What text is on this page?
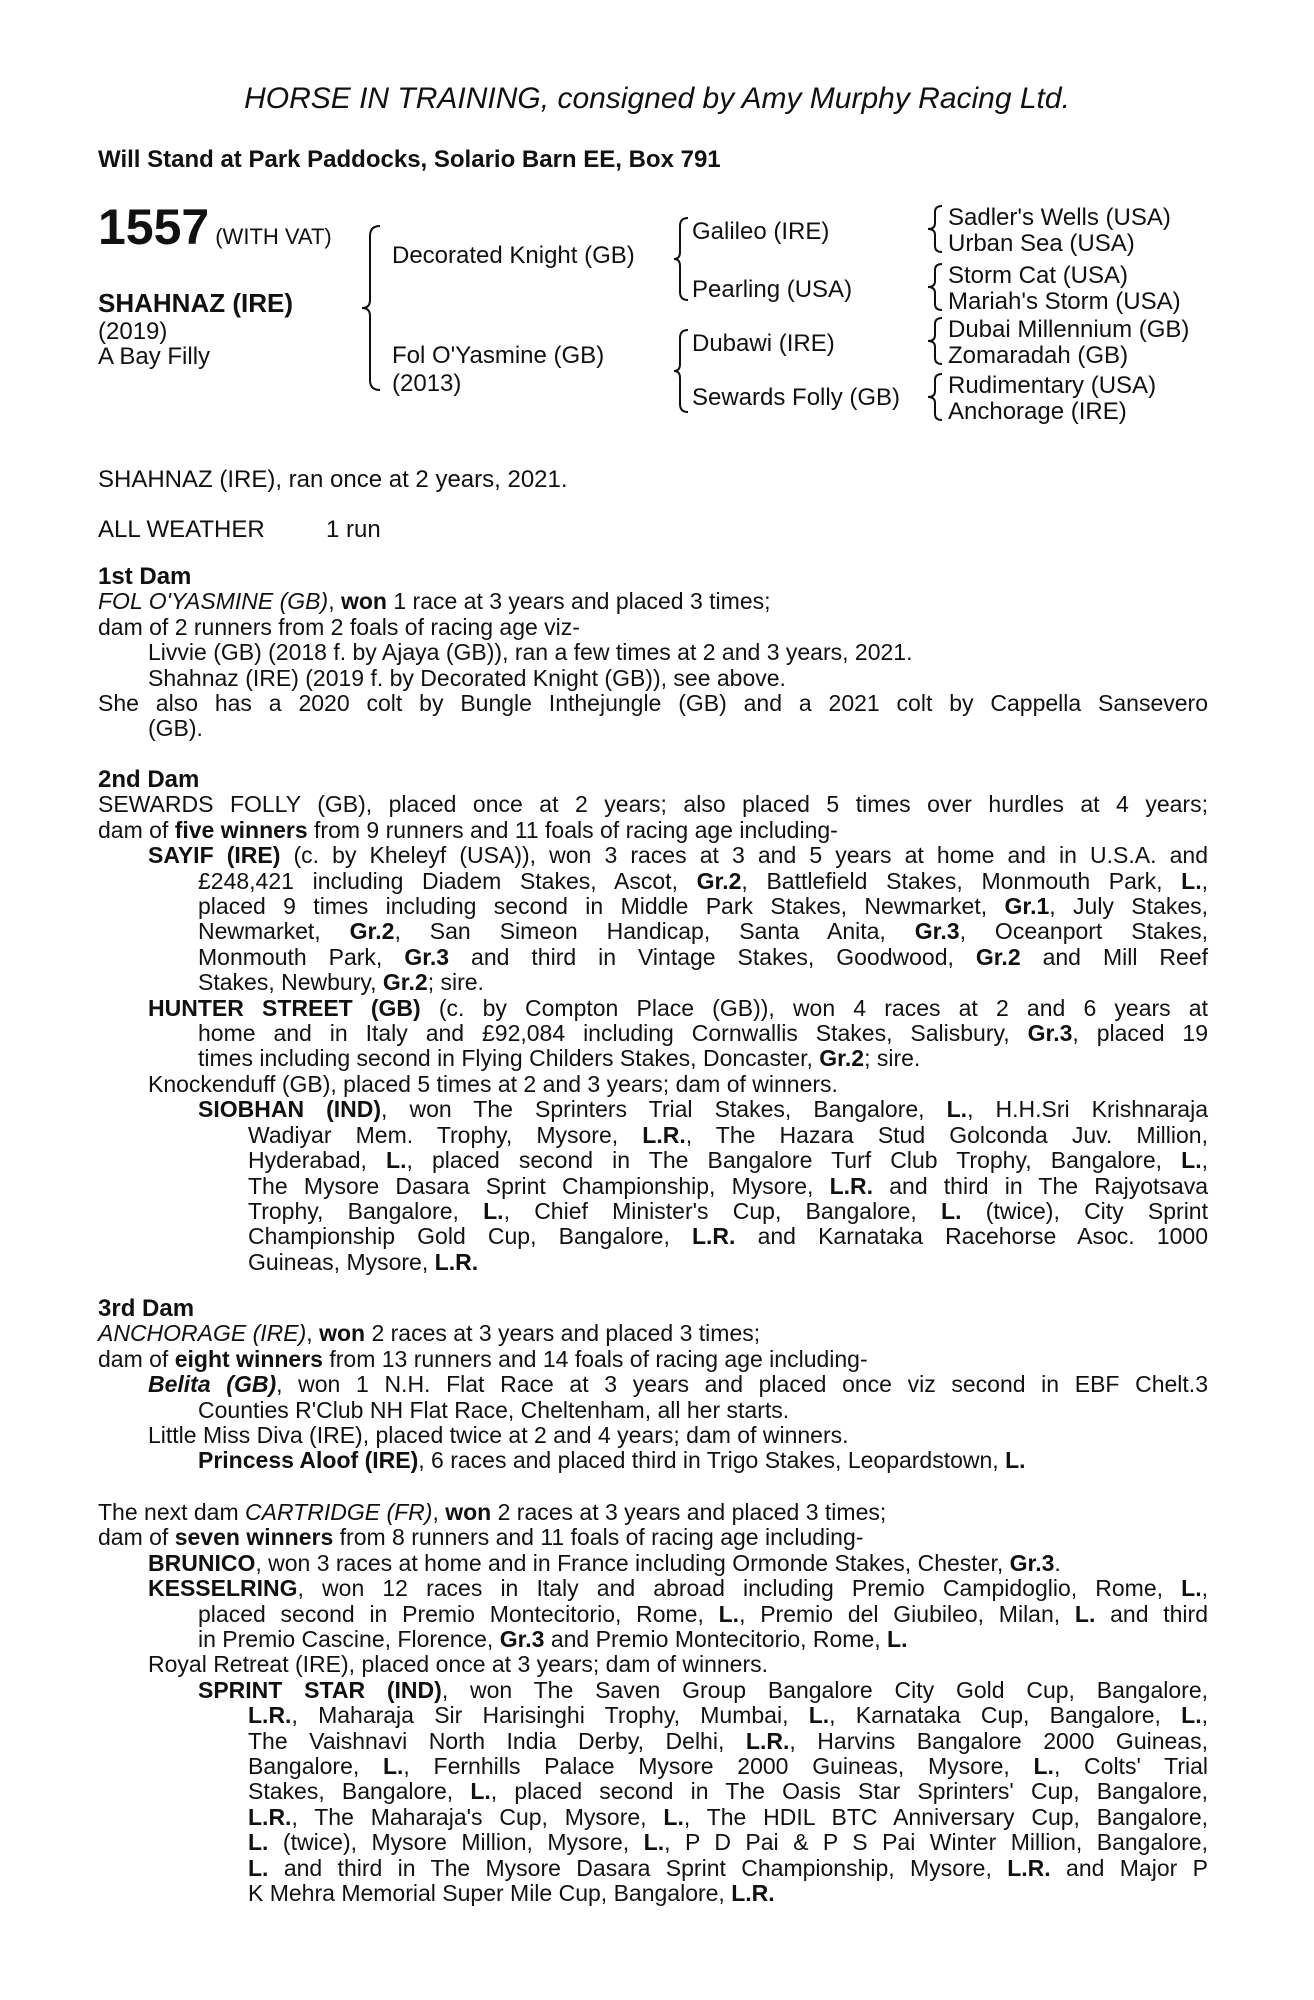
HORSE IN TRAINING, consigned by Amy Murphy Racing Ltd.
Will Stand at Park Paddocks, Solario Barn EE, Box 791
1557 (WITH VAT)
SHAHNAZ (IRE)
(2019)
A Bay Filly
Decorated Knight (GB)
Fol O'Yasmine (GB)
(2013)
Galileo (IRE)
Pearling (USA)
Dubawi (IRE)
Sewards Folly (GB)
Sadler's Wells (USA)
Urban Sea (USA)
Storm Cat (USA)
Mariah's Storm (USA)
Dubai Millennium (GB)
Zomaradah (GB)
Rudimentary (USA)
Anchorage (IRE)
SHAHNAZ (IRE), ran once at 2 years, 2021.
ALL WEATHER	1 run
1st Dam
FOL O'YASMINE (GB), won 1 race at 3 years and placed 3 times;
dam of 2 runners from 2 foals of racing age viz-
Livvie (GB) (2018 f. by Ajaya (GB)), ran a few times at 2 and 3 years, 2021.
Shahnaz (IRE) (2019 f. by Decorated Knight (GB)), see above.
She also has a 2020 colt by Bungle Inthejungle (GB) and a 2021 colt by Cappella Sansevero
(GB).
2nd Dam
SEWARDS FOLLY (GB), placed once at 2 years; also placed 5 times over hurdles at 4 years;
dam of five winners from 9 runners and 11 foals of racing age including-
SAYIF (IRE) (c. by Kheleyf (USA)), won 3 races at 3 and 5 years at home and in U.S.A. and
£248,421 including Diadem Stakes, Ascot, Gr.2, Battlefield Stakes, Monmouth Park, L.,
placed 9 times including second in Middle Park Stakes, Newmarket, Gr.1, July Stakes,
Newmarket, Gr.2, San Simeon Handicap, Santa Anita, Gr.3, Oceanport Stakes,
Monmouth Park, Gr.3 and third in Vintage Stakes, Goodwood, Gr.2 and Mill Reef
Stakes, Newbury, Gr.2; sire.
HUNTER STREET (GB) (c. by Compton Place (GB)), won 4 races at 2 and 6 years at
home and in Italy and £92,084 including Cornwallis Stakes, Salisbury, Gr.3, placed 19
times including second in Flying Childers Stakes, Doncaster, Gr.2; sire.
Knockenduff (GB), placed 5 times at 2 and 3 years; dam of winners.
SIOBHAN (IND), won The Sprinters Trial Stakes, Bangalore, L., H.H.Sri Krishnaraja
Wadiyar Mem. Trophy, Mysore, L.R., The Hazara Stud Golconda Juv. Million,
Hyderabad, L., placed second in The Bangalore Turf Club Trophy, Bangalore, L.,
The Mysore Dasara Sprint Championship, Mysore, L.R. and third in The Rajyotsava
Trophy, Bangalore, L., Chief Minister's Cup, Bangalore, L. (twice), City Sprint
Championship Gold Cup, Bangalore, L.R. and Karnataka Racehorse Asoc. 1000
Guineas, Mysore, L.R.
3rd Dam
ANCHORAGE (IRE), won 2 races at 3 years and placed 3 times;
dam of eight winners from 13 runners and 14 foals of racing age including-
Belita (GB), won 1 N.H. Flat Race at 3 years and placed once viz second in EBF Chelt.3
Counties R'Club NH Flat Race, Cheltenham, all her starts.
Little Miss Diva (IRE), placed twice at 2 and 4 years; dam of winners.
Princess Aloof (IRE), 6 races and placed third in Trigo Stakes, Leopardstown, L.
The next dam CARTRIDGE (FR), won 2 races at 3 years and placed 3 times;
dam of seven winners from 8 runners and 11 foals of racing age including-
BRUNICO, won 3 races at home and in France including Ormonde Stakes, Chester, Gr.3.
KESSELRING, won 12 races in Italy and abroad including Premio Campidoglio, Rome, L.,
placed second in Premio Montecitorio, Rome, L., Premio del Giubileo, Milan, L. and third
in Premio Cascine, Florence, Gr.3 and Premio Montecitorio, Rome, L.
Royal Retreat (IRE), placed once at 3 years; dam of winners.
SPRINT STAR (IND), won The Saven Group Bangalore City Gold Cup, Bangalore,
L.R., Maharaja Sir Harisinghi Trophy, Mumbai, L., Karnataka Cup, Bangalore, L.,
The Vaishnavi North India Derby, Delhi, L.R., Harvins Bangalore 2000 Guineas,
Bangalore, L., Fernhills Palace Mysore 2000 Guineas, Mysore, L., Colts' Trial
Stakes, Bangalore, L., placed second in The Oasis Star Sprinters' Cup, Bangalore,
L.R., The Maharaja's Cup, Mysore, L., The HDIL BTC Anniversary Cup, Bangalore,
L. (twice), Mysore Million, Mysore, L., P D Pai & P S Pai Winter Million, Bangalore,
L. and third in The Mysore Dasara Sprint Championship, Mysore, L.R. and Major P
K Mehra Memorial Super Mile Cup, Bangalore, L.R.
